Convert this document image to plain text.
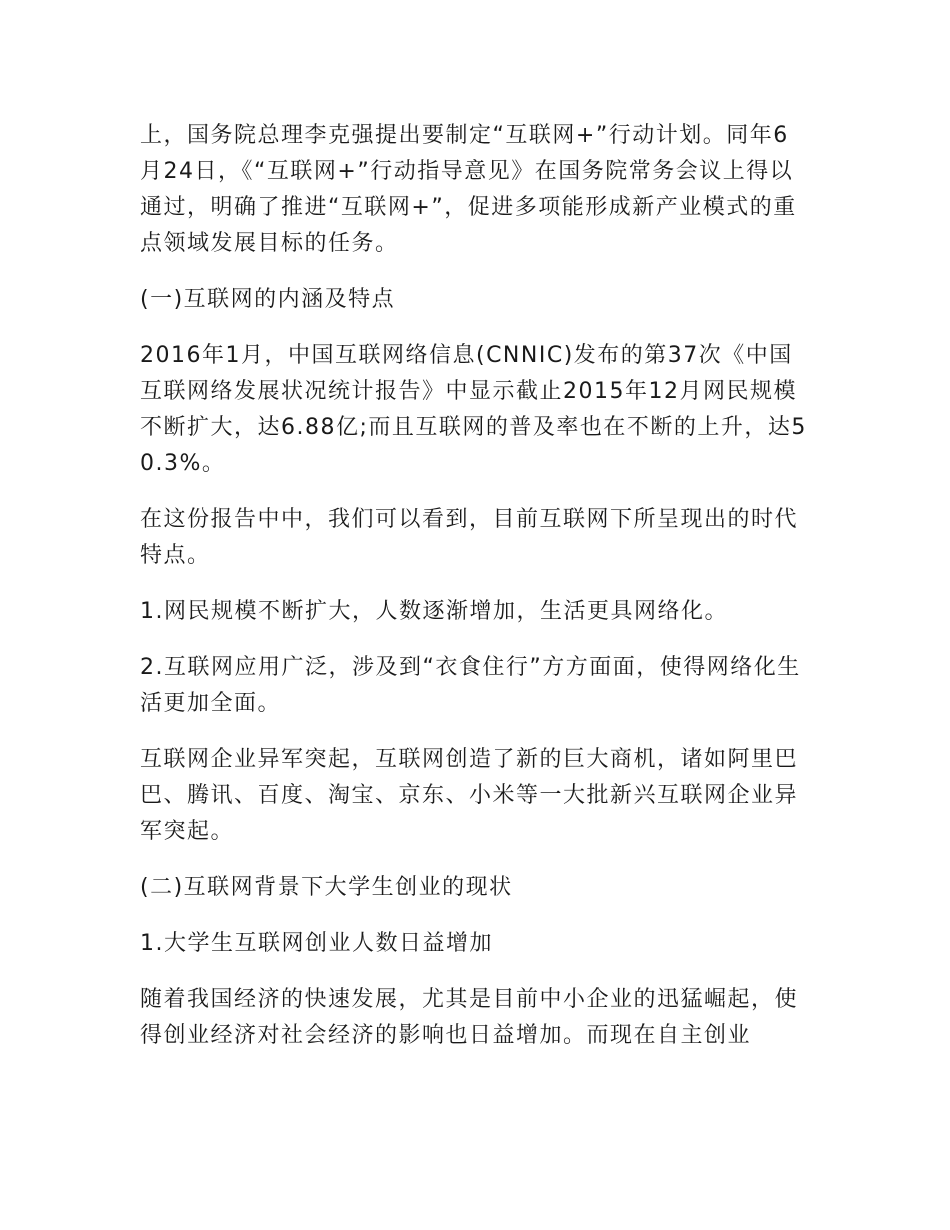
上，国务院总理李克强提出要制定“互联网+”行动计划。同年6月24日，《“互联网+”行动指导意见》在国务院常务会议上得以通过，明确了推进“互联网+”，促进多项能形成新产业模式的重点领域发展目标的任务。

(一)互联网的内涵及特点

2016年1月，中国互联网络信息(CNNIC)发布的第37次《中国互联网络发展状况统计报告》中显示截止2015年12月网民规模不断扩大，达6.88亿;而且互联网的普及率也在不断的上升，达50.3%。

在这份报告中中，我们可以看到，目前互联网下所呈现出的时代特点。

1.网民规模不断扩大，人数逐渐增加，生活更具网络化。

2.互联网应用广泛，涉及到“衣食住行”方方面面，使得网络化生活更加全面。

互联网企业异军突起，互联网创造了新的巨大商机，诸如阿里巴巴、腾讯、百度、淘宝、京东、小米等一大批新兴互联网企业异军突起。

(二)互联网背景下大学生创业的现状

1.大学生互联网创业人数日益增加

随着我国经济的快速发展，尤其是目前中小企业的迅猛崛起，使得创业经济对社会经济的影响也日益增加。而现在自主创业
